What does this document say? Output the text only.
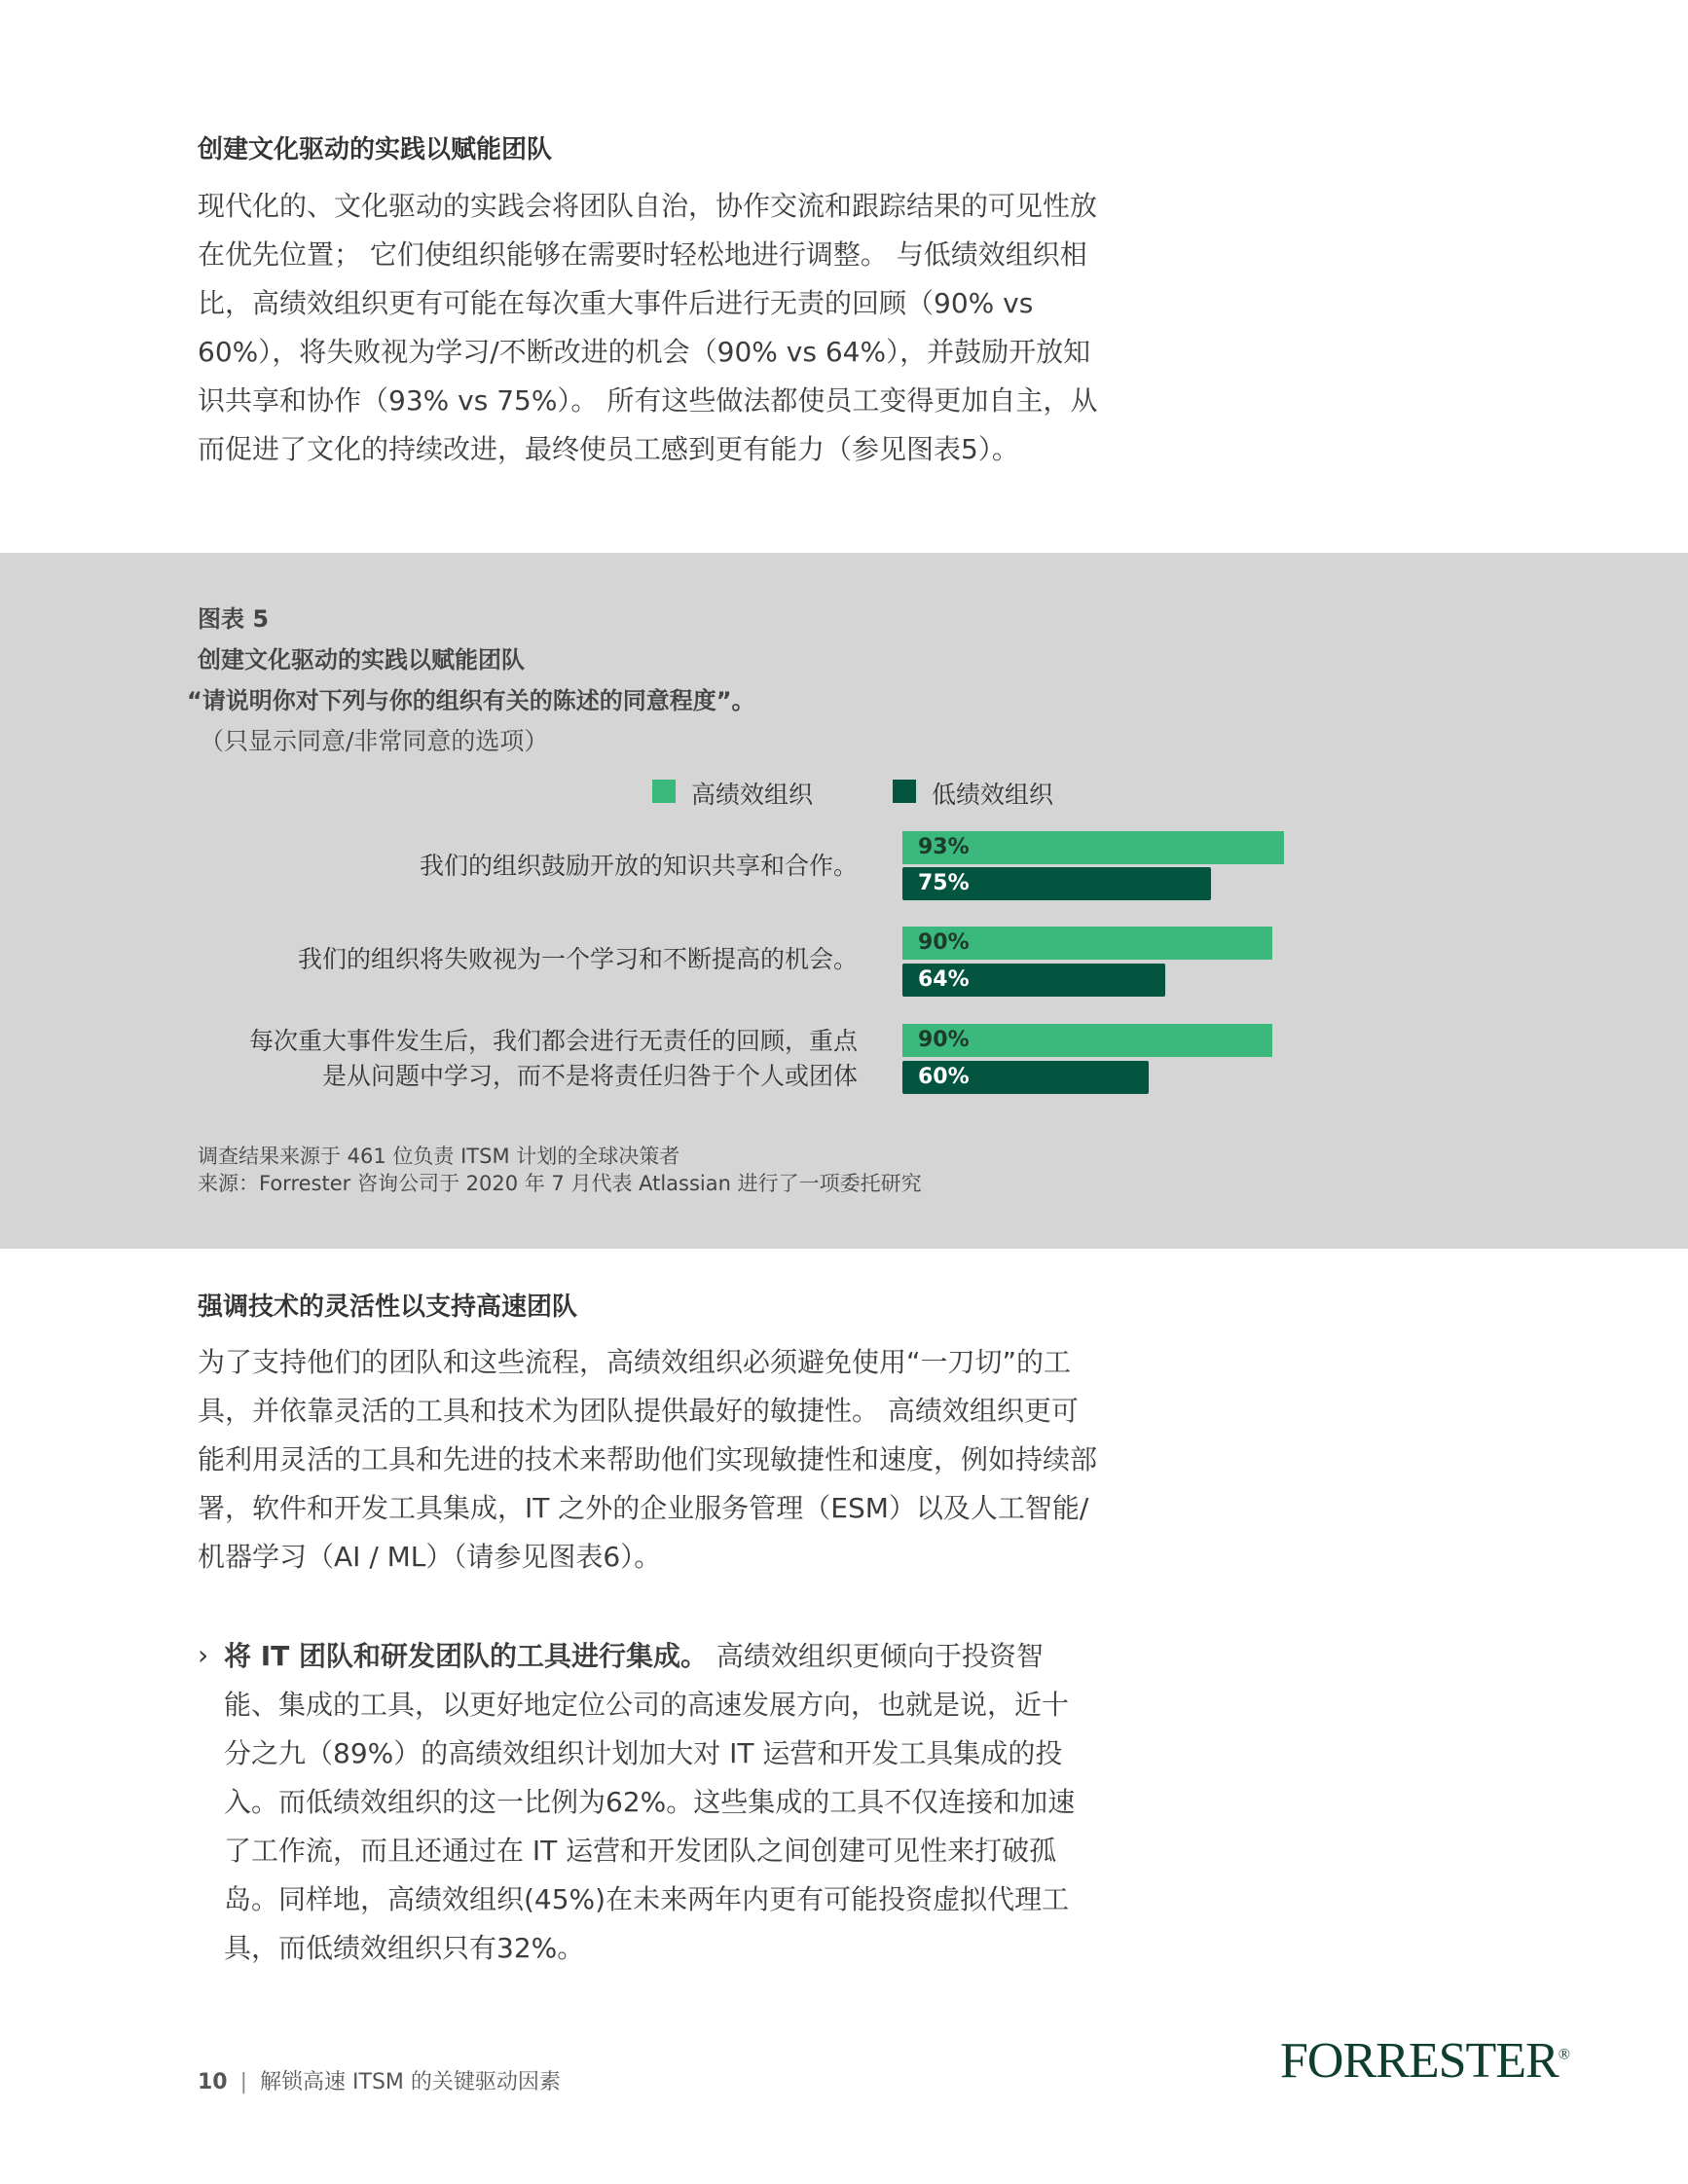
创建文化驱动的实践以赋能团队

现代化的、文化驱动的实践会将团队自治，协作交流和跟踪结果的可见性放在优先位置； 它们使组织能够在需要时轻松地进行调整。 与低绩效组织相比，高绩效组织更有可能在每次重大事件后进行无责的回顾（90% vs 60%），将失败视为学习/不断改进的机会（90% vs 64%），并鼓励开放知识共享和协作（93% vs 75%）。 所有这些做法都使员工变得更加自主，从而促进了文化的持续改进，最终使员工感到更有能力（参见图表5）。

图表 5
创建文化驱动的实践以赋能团队
“请说明你对下列与你的组织有关的陈述的同意程度”。
（只显示同意/非常同意的选项）
高绩效组织	低绩效组织
我们的组织鼓励开放的知识共享和合作。
我们的组织将失败视为一个学习和不断提高的机会。
每次重大事件发生后，我们都会进行无责任的回顾，重点是从问题中学习，而不是将责任归咎于个人或团体
93%
75%
90%
64%
90%
60%
调查结果来源于 461 位负责 ITSM 计划的全球决策者
来源：Forrester 咨询公司于 2020 年 7 月代表 Atlassian 进行了一项委托研究
强调技术的灵活性以支持高速团队

为了支持他们的团队和这些流程，高绩效组织必须避免使用“一刀切”的工具，并依靠灵活的工具和技术为团队提供最好的敏捷性。 高绩效组织更可能利用灵活的工具和先进的技术来帮助他们实现敏捷性和速度，例如持续部署，软件和开发工具集成，IT 之外的企业服务管理（ESM）以及人工智能/机器学习（AI / ML）（请参见图表6）。

› 将 IT 团队和研发团队的工具进行集成。 高绩效组织更倾向于投资智能、集成的工具，以更好地定位公司的高速发展方向，也就是说，近十分之九（89%）的高绩效组织计划加大对 IT 运营和开发工具集成的投入。而低绩效组织的这一比例为62%。这些集成的工具不仅连接和加速了工作流，而且还通过在 IT 运营和开发团队之间创建可见性来打破孤岛。同样地，高绩效组织(45%)在未来两年内更有可能投资虚拟代理工具，而低绩效组织只有32%。

10 | 解锁高速 ITSM 的关键驱动因素	FORRESTER®
